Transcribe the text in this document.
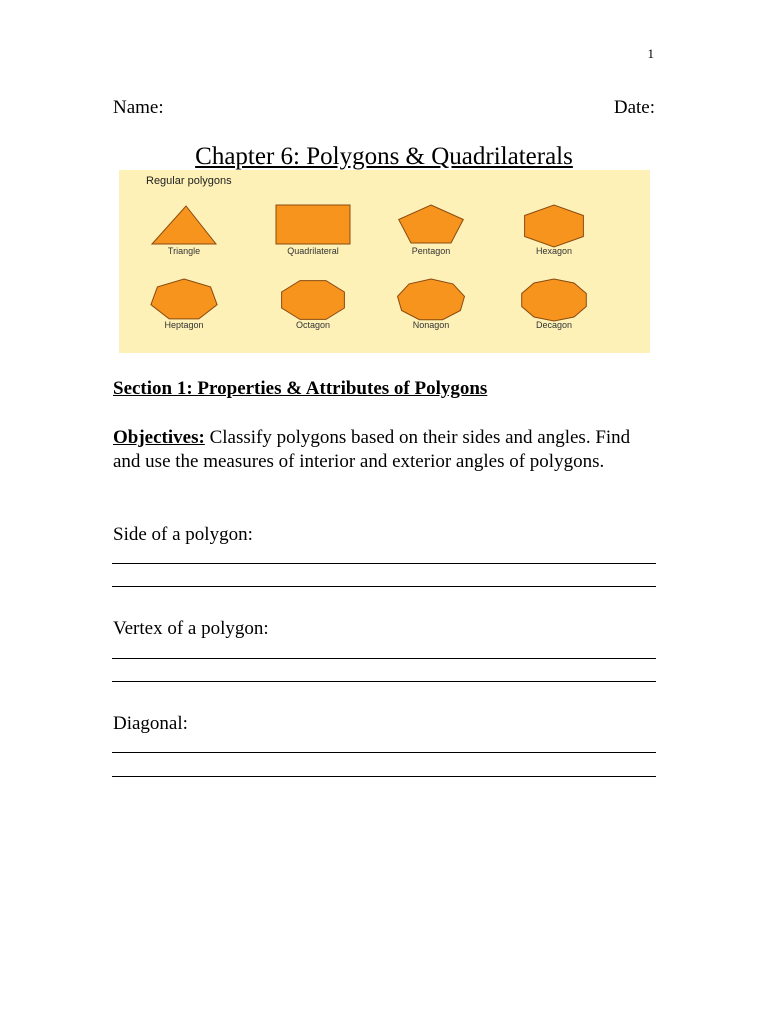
1
Name:	Date:
Chapter 6: Polygons & Quadrilaterals
Regular polygons
Triangle	Quadrilateral	Pentagon	Hexagon
Heptagon	Octagon	Nonagon	Decagon
Section 1: Properties & Attributes of Polygons
Objectives: Classify polygons based on their sides and angles. Find and use the measures of interior and exterior angles of polygons.
Side of a polygon:
Vertex of a polygon:
Diagonal:
